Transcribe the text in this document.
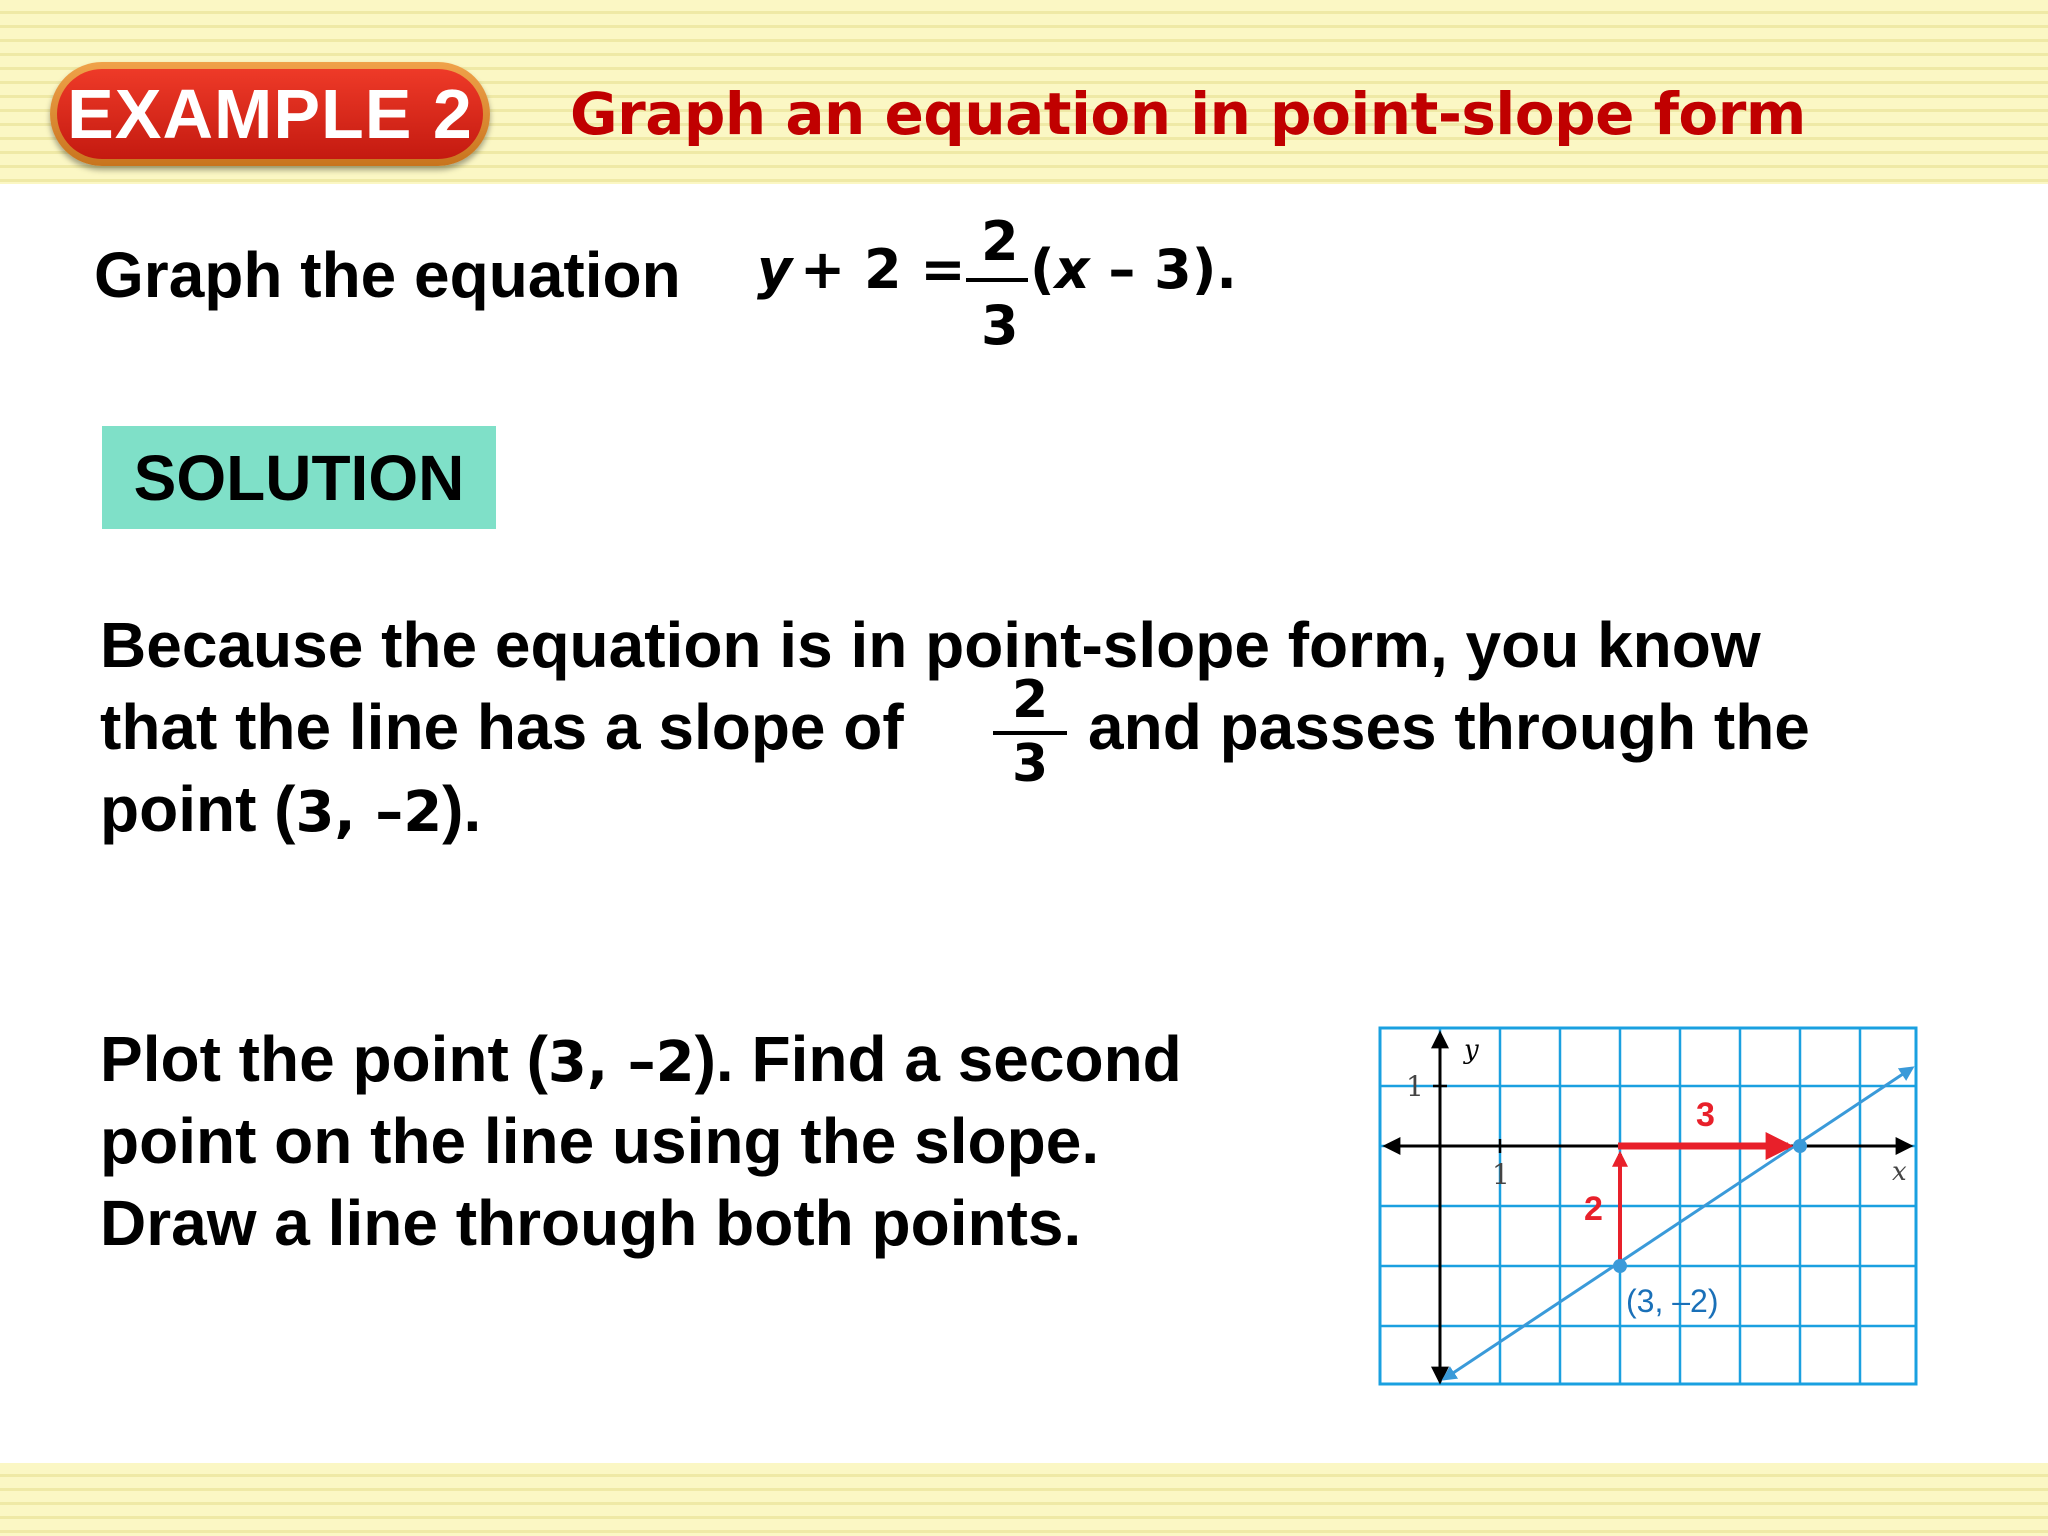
EXAMPLE 2 Graph an equation in point-slope form
Graph the equation y + 2 = 2
3
(x – 3).
SOLUTION
Because the equation is in point-slope form, you know
that the line has a slope of 2
3
and passes through the
point (3, –2).
Plot the point (3, –2). Find a second
point on the line using the slope.
Draw a line through both points.
y
x
1
1
3
2
(3, –2)
